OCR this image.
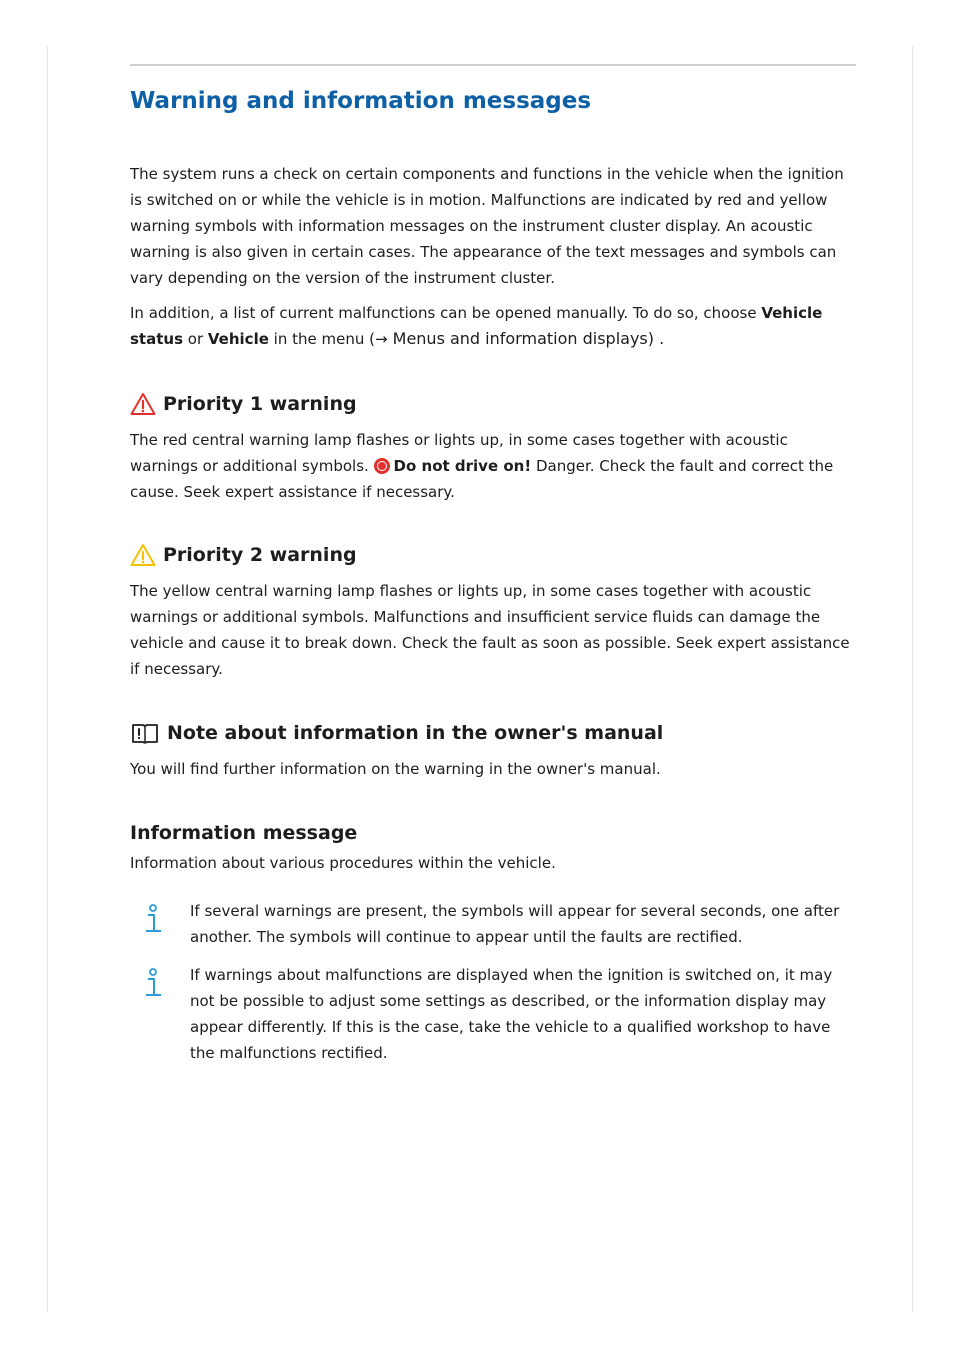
Warning and information messages

The system runs a check on certain components and functions in the vehicle when the ignition is switched on or while the vehicle is in motion. Malfunctions are indicated by red and yellow warning symbols with information messages on the instrument cluster display. An acoustic warning is also given in certain cases. The appearance of the text messages and symbols can vary depending on the version of the instrument cluster.

In addition, a list of current malfunctions can be opened manually. To do so, choose Vehicle status or Vehicle in the menu (→ Menus and information displays) .

Priority 1 warning

The red central warning lamp flashes or lights up, in some cases together with acoustic warnings or additional symbols. Do not drive on! Danger. Check the fault and correct the cause. Seek expert assistance if necessary.

Priority 2 warning

The yellow central warning lamp flashes or lights up, in some cases together with acoustic warnings or additional symbols. Malfunctions and insufficient service fluids can damage the vehicle and cause it to break down. Check the fault as soon as possible. Seek expert assistance if necessary.

Note about information in the owner's manual

You will find further information on the warning in the owner's manual.

Information message

Information about various procedures within the vehicle.

If several warnings are present, the symbols will appear for several seconds, one after another. The symbols will continue to appear until the faults are rectified.

If warnings about malfunctions are displayed when the ignition is switched on, it may not be possible to adjust some settings as described, or the information display may appear differently. If this is the case, take the vehicle to a qualified workshop to have the malfunctions rectified.
